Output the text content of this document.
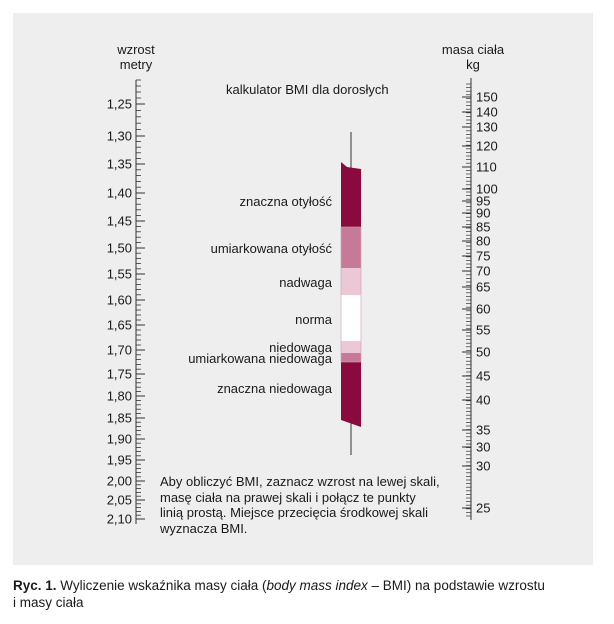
1,25
1,30
1,35
1,40
1,45
1,50
1,55
1,60
1,65
1,70
1,75
1,80
1,85
1,90
1,95
2,00
2,05
2,10
150
140
130
120
110
100
95
90
85
80
75
70
65
60
55
50
45
40
35
30
30
25
wzrost
metry
masa ciała
kg
kalkulator BMI dla dorosłych
znaczna otyłość
umiarkowana otyłość
nadwaga
norma
niedowaga
umiarkowana niedowaga
znaczna niedowaga
Aby obliczyć BMI, zaznacz wzrost na lewej skali,
masę ciała na prawej skali i połącz te punkty
linią prostą. Miejsce przecięcia środkowej skali
wyznacza BMI.
Ryc. 1. Wyliczenie wskaźnika masy ciała (body mass index – BMI) na podstawie wzrostu
i masy ciała
